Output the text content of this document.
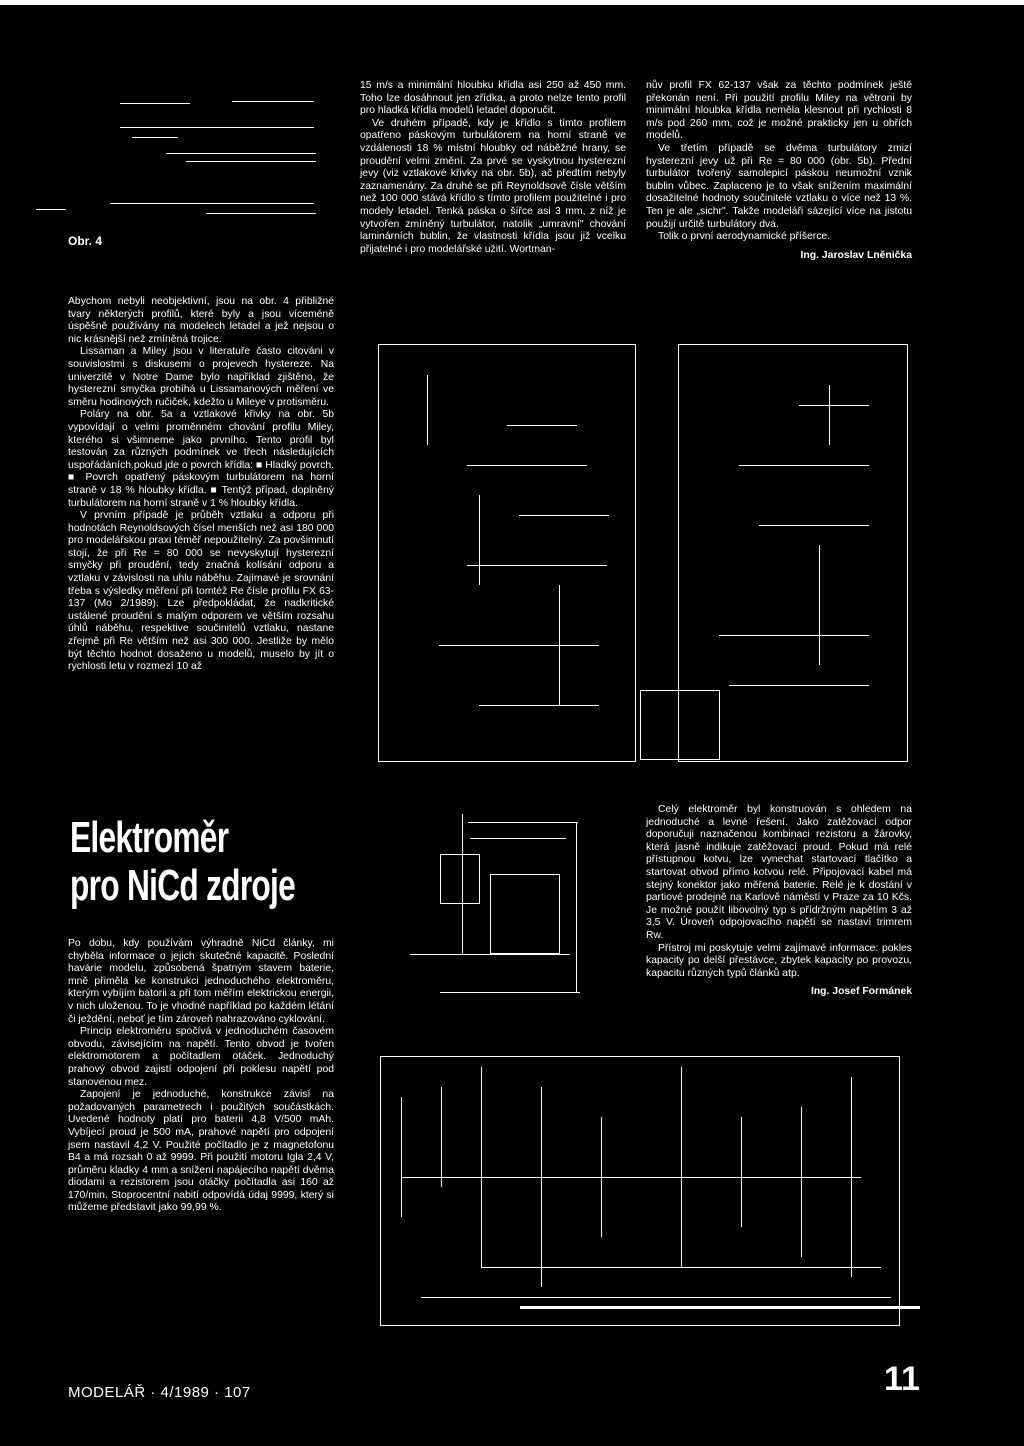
Obr. 4

Abychom nebyli neobjektivní, jsou na obr. 4 přibližné tvary některých profilů, které byly a jsou víceméně úspěšně používány na modelech letadel a jež nejsou o nic krásnější než zmíněná trojice.

Lissaman a Miley jsou v literatuře často citováni v souvislostmi s diskusemi o projevech hystereze. Na univerzitě v Notre Dame bylo například zjištěno, že hysterezní smyčka probíhá u Lissamanových měření ve směru hodinových ručiček, kdežto u Mileye v protisměru.

Poláry na obr. 5a a vztlakové křivky na obr. 5b vypovídají o velmi proměnném chování profilu Miley, kterého si všimneme jako prvního. Tento profil byl testován za různých podmínek ve třech následujících uspořádáních.pokud jde o povrch křídla: ■ Hladký povrch. ■ Povrch opatřený páskovým turbulátorem na horní straně v 18 % hloubky křídla. ■ Tentýž případ, doplněný turbulátorem na horní straně v 1 % hloubky křídla.

V prvním případě je průběh vztlaku a odporu při hodnotách Reynoldsových čísel menších než asi 180 000 pro modelářskou praxi téměř nepoužitelný. Za povšimnutí stojí, že při Re = 80 000 se nevyskytují hysterezní smyčky při proudění, tedy značná kolísání odporu a vztlaku v závislosti na uhlu náběhu. Zajímavé je srovnání třeba s výsledky měření při tomtéž Re čísle profilu FX 63-137 (Mo 2/1989). Lze předpokládat, že nadkritické ustálené proudění s malým odporem ve větším rozsahu úhlů náběhu, respektive součinitelů vztlaku, nastane zřejmě při Re větším než asi 300 000. Jestliže by mělo být těchto hodnot dosaženo u modelů, muselo by jít o rychlosti letu v rozmezí 10 až

15 m/s a minimální hloubku křídla asi 250 až 450 mm. Toho lze dosáhnout jen zřídka, a proto nelze tento profil pro hladká křídla modelů letadel doporučit.

Ve druhém případě, kdy je křídlo s tímto profilem opatřeno páskovým turbulátorem na horní straně ve vzdálenosti 18 % místní hloubky od náběžné hrany, se proudění velmi změní. Za prvé se vyskytnou hysterezní jevy (viz vztlakové křivky na obr. 5b), ač předtím nebyly zaznamenány. Za druhé se při Reynoldsově čísle větším než 100 000 stává křídlo s tímto profilem použitelné i pro modely letadel. Tenká páska o šířce asi 3 mm, z níž je vytvořen zmíněný turbulátor, natolik „umravní" chování laminárních bublin, že vlastnosti křídla jsou již vcelku přijatelné i pro modelářské užití. Wortman-

nův profil FX 62-137 však za těchto podmínek ještě překonán není. Při použití profilu Miley na větroni by minimální hloubka křídla neměla klesnout při rychlosti 8 m/s pod 260 mm, což je možné prakticky jen u obřích modelů.

Ve třetím případě se dvěma turbulátory zmizí hysterezní jevy už při Re = 80 000 (obr. 5b). Přední turbulátor tvořený samolepicí páskou neumožní vznik bublin vůbec. Zaplaceno je to však snížením maximální dosažitelné hodnoty součinitele vztlaku o více než 13 %. Ten je ale „sichr". Takže modeláři sázející více na jistotu použijí určitě turbulátory dva.

Tolik o první aerodynamické příšerce.

Ing. Jaroslav Lněnička
Elektroměr
pro NiCd zdroje

Celý elektroměr byl konstruován s ohledem na jednoduché a levné řešení. Jako zatěžovací odpor doporučuji naznačenou kombinaci rezistoru a žárovky, která jasně indikuje zatěžovací proud. Pokud má relé přístupnou kotvu, lze vynechat startovací tlačítko a startovat obvod přímo kotvou relé. Připojovací kabel má stejný konektor jako měřená baterie. Relé je k dostání v partiové prodejně na Karlově náměstí v Praze za 10 Kčs. Je možné použít libovolný typ s přídržným napětím 3 až 3,5 V. Úroveň odpojovacího napětí se nastaví trimrem Rw.

Přístroj mi poskytuje velmi zajímavé informace: pokles kapacity po delší přestávce, zbytek kapacity po provozu, kapacitu různých typů článků atp.

Ing. Josef Formánek

Po dobu, kdy používám výhradně NiCd články, mi chyběla informace o jejich skutečné kapacitě. Poslední havárie modelu, způsobená špatným stavem baterie, mně přiměla ke konstrukci jednoduchého elektroměru, kterým vybíjím batorii a při tom měřím elektrickou energii, v nich uloženou. To je vhodné například po každém létání či ježdění, neboť je tím zároveň nahrazováno cyklování.

Princip elektroměru spočívá v jednoduchém časovém obvodu, závisejícím na napětí. Tento obvod je tvořen elektromotorem a počítadlem otáček. Jednoduchý prahový obvod zajistí odpojení při poklesu napětí pod stanovenou mez.

Zapojení je jednoduché, konstrukce závisí na požadovaných parametrech i použitých součástkách. Uvedené hodnoty platí pro baterii 4,8 V/500 mAh. Vybíjecí proud je 500 mA, prahové napětí pro odpojení jsem nastavil 4,2 V. Použité počítadlo je z magnetofonu B4 a má rozsah 0 až 9999. Při použití motoru Igla 2,4 V, průměru kladky 4 mm a snížení napájecího napětí dvěma diodami a rezistorem jsou otáčky počítadla asi 160 až 170/min. Stoprocentní nabití odpovídá údaj 9999, který si můžeme představit jako 99,99 %.

MODELÁŘ · 4/1989 · 107	11
